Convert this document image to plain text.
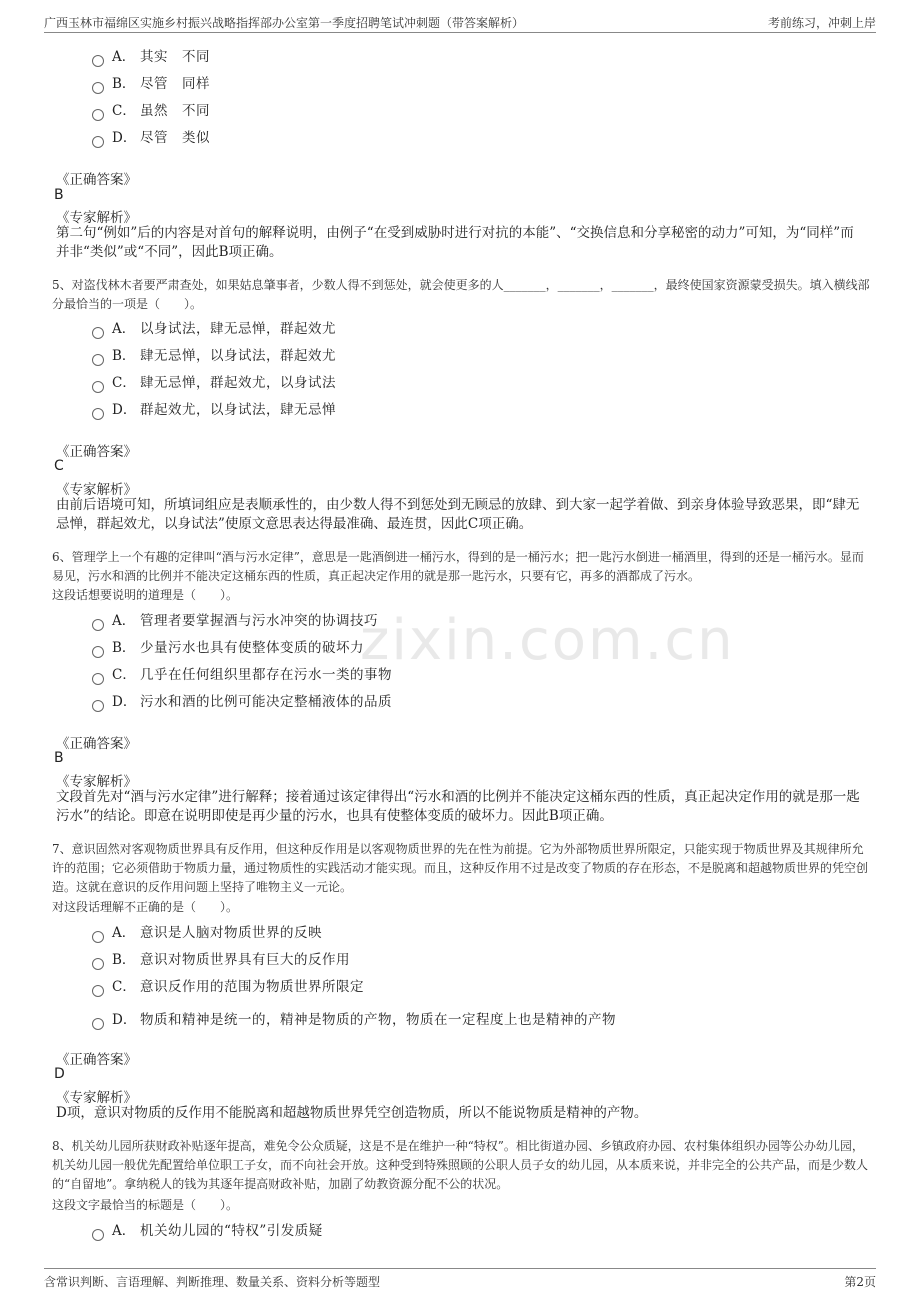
广西玉林市福绵区实施乡村振兴战略指挥部办公室第一季度招聘笔试冲刺题（带答案解析）	考前练习，冲刺上岸
zixin.com.cn
A． 其实　不同
B． 尽管　同样
C． 虽然　不同
D． 尽管　类似
《正确答案》
B
《专家解析》
第二句“例如”后的内容是对首句的解释说明，由例子“在受到威胁时进行对抗的本能”、“交换信息和分享秘密的动力”可知，为“同样”而并非“类似”或“不同”，因此B项正确。
5、对盗伐林木者要严肃查处，如果姑息肇事者，少数人得不到惩处，就会使更多的人_______，_______，_______，最终使国家资源蒙受损失。填入横线部分最恰当的一项是（　　）。
A． 以身试法，肆无忌惮，群起效尤
B． 肆无忌惮，以身试法，群起效尤
C． 肆无忌惮，群起效尤，以身试法
D． 群起效尤，以身试法，肆无忌惮
《正确答案》
C
《专家解析》
由前后语境可知，所填词组应是表顺承性的，由少数人得不到惩处到无顾忌的放肆、到大家一起学着做、到亲身体验导致恶果，即“肆无忌惮，群起效尤，以身试法”使原文意思表达得最准确、最连贯，因此C项正确。
6、管理学上一个有趣的定律叫“酒与污水定律”，意思是一匙酒倒进一桶污水，得到的是一桶污水；把一匙污水倒进一桶酒里，得到的还是一桶污水。显而易见，污水和酒的比例并不能决定这桶东西的性质，真正起决定作用的就是那一匙污水，只要有它，再多的酒都成了污水。
这段话想要说明的道理是（　　）。
A． 管理者要掌握酒与污水冲突的协调技巧
B． 少量污水也具有使整体变质的破坏力
C． 几乎在任何组织里都存在污水一类的事物
D． 污水和酒的比例可能决定整桶液体的品质
《正确答案》
B
《专家解析》
文段首先对“酒与污水定律”进行解释；接着通过该定律得出“污水和酒的比例并不能决定这桶东西的性质，真正起决定作用的就是那一匙污水”的结论。即意在说明即使是再少量的污水，也具有使整体变质的破坏力。因此B项正确。
7、意识固然对客观物质世界具有反作用，但这种反作用是以客观物质世界的先在性为前提。它为外部物质世界所限定，只能实现于物质世界及其规律所允许的范围；它必须借助于物质力量，通过物质性的实践活动才能实现。而且，这种反作用不过是改变了物质的存在形态，不是脱离和超越物质世界的凭空创造。这就在意识的反作用问题上坚持了唯物主义一元论。
对这段话理解不正确的是（　　）。
A． 意识是人脑对物质世界的反映
B． 意识对物质世界具有巨大的反作用
C． 意识反作用的范围为物质世界所限定
D． 物质和精神是统一的，精神是物质的产物，物质在一定程度上也是精神的产物
《正确答案》
D
《专家解析》
D项，意识对物质的反作用不能脱离和超越物质世界凭空创造物质，所以不能说物质是精神的产物。
8、机关幼儿园所获财政补贴逐年提高，难免令公众质疑，这是不是在维护一种“特权”。相比街道办园、乡镇政府办园、农村集体组织办园等公办幼儿园，机关幼儿园一般优先配置给单位职工子女，而不向社会开放。这种受到特殊照顾的公职人员子女的幼儿园，从本质来说，并非完全的公共产品，而是少数人的“自留地”。拿纳税人的钱为其逐年提高财政补贴，加剧了幼教资源分配不公的状况。
这段文字最恰当的标题是（　　）。
A． 机关幼儿园的“特权”引发质疑
含常识判断、言语理解、判断推理、数量关系、资料分析等题型	第2页
